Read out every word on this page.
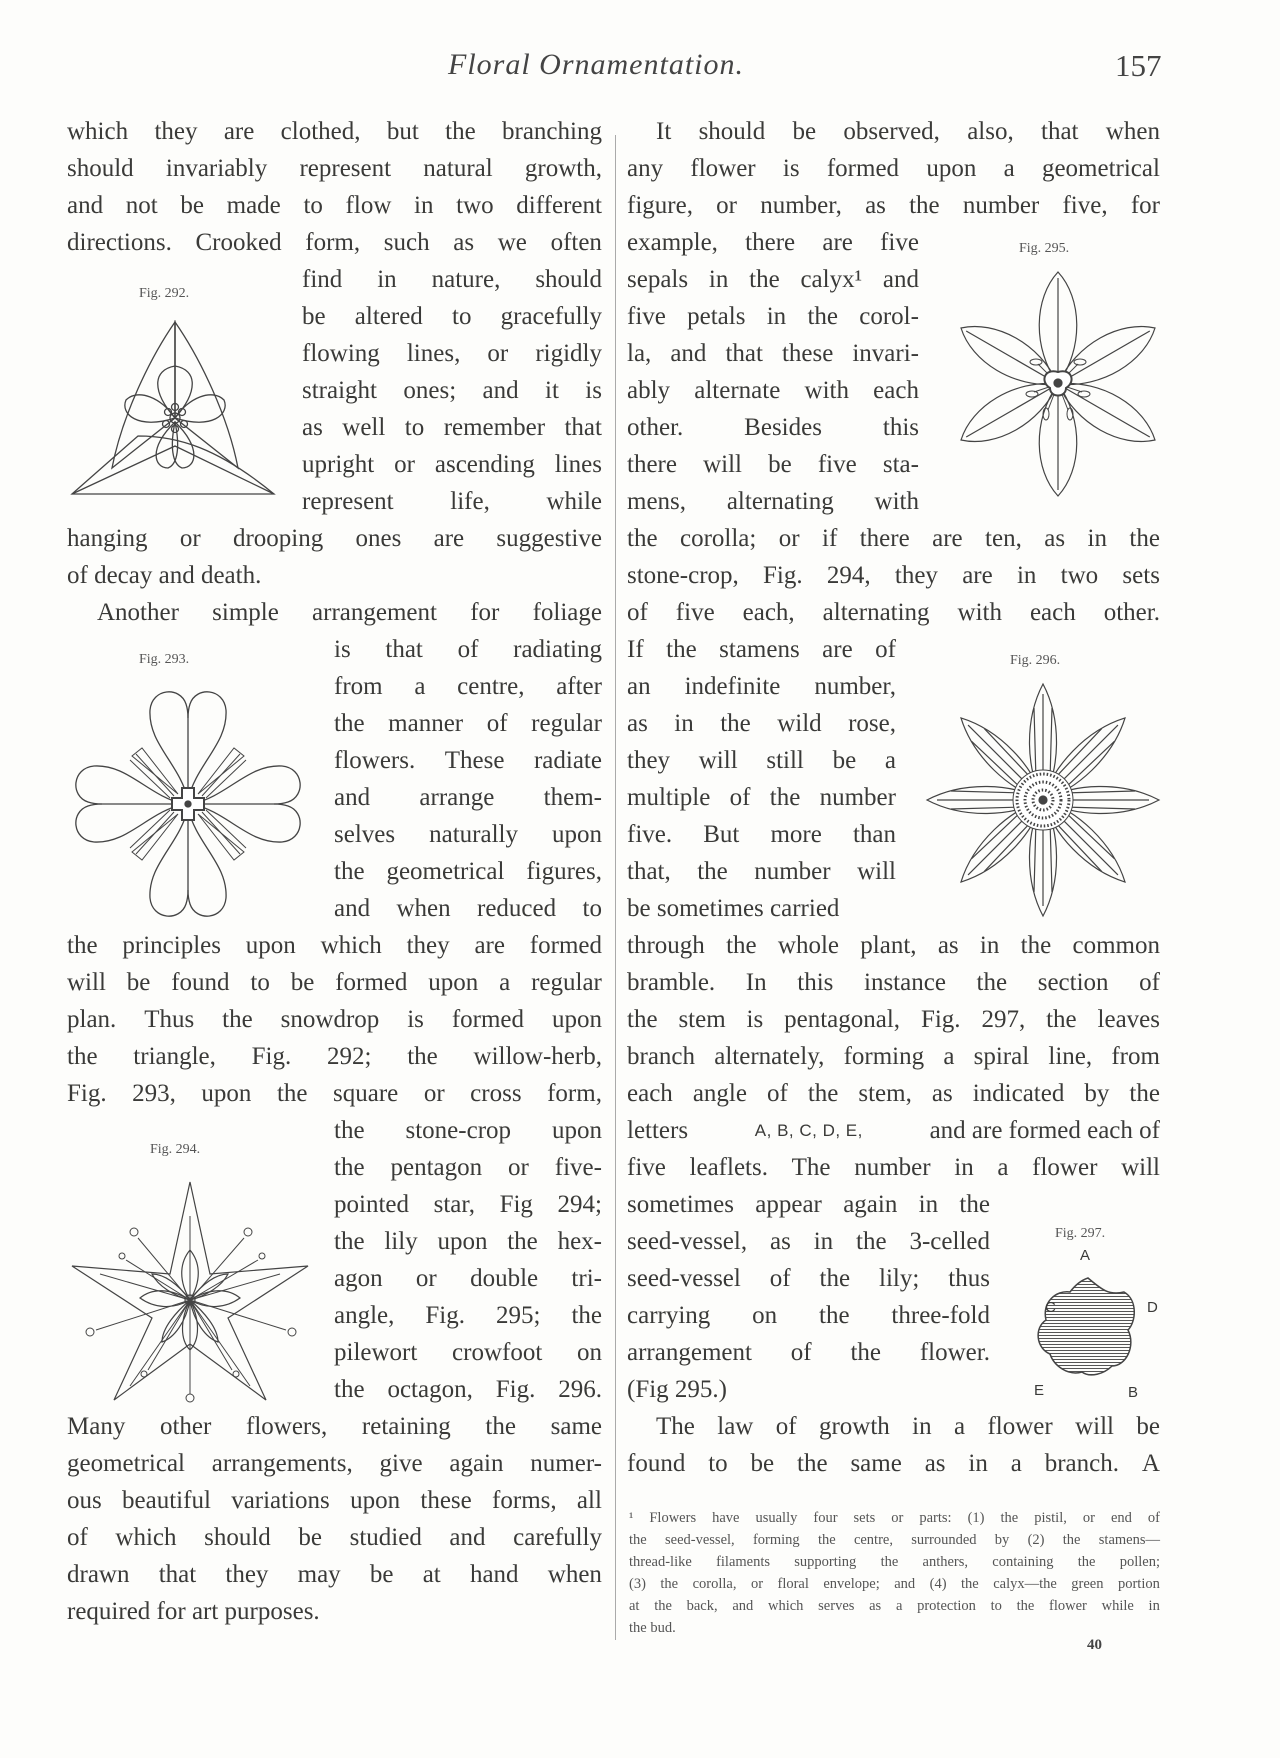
Floral Ornamentation.	157
which they are clothed, but the branching
should invariably represent natural growth,
and not be made to flow in two different
directions. Crooked form, such as we often
find in nature, should
be altered to gracefully
flowing lines, or rigidly
straight ones; and it is
as well to remember that
upright or ascending lines
represent life, while
hanging or drooping ones are suggestive
of decay and death.
Another simple arrangement for foliage
is that of radiating
from a centre, after
the manner of regular
flowers. These radiate
and arrange them-
selves naturally upon
the geometrical figures,
and when reduced to
the principles upon which they are formed
will be found to be formed upon a regular
plan. Thus the snowdrop is formed upon
the triangle, Fig. 292; the willow-herb,
Fig. 293, upon the square or cross form,
the stone-crop upon
the pentagon or five-
pointed star, Fig 294;
the lily upon the hex-
agon or double tri-
angle, Fig. 295; the
pilewort crowfoot on
the octagon, Fig. 296.
Many other flowers, retaining the same
geometrical arrangements, give again numer-
ous beautiful variations upon these forms, all
of which should be studied and carefully
drawn that they may be at hand when
required for art purposes.
Fig. 292.
Fig. 293.
Fig. 294.
It should be observed, also, that when
any flower is formed upon a geometrical
figure, or number, as the number five, for
example, there are five
sepals in the calyx¹ and
five petals in the corol-
la, and that these invari-
ably alternate with each
other. Besides this
there will be five sta-
mens, alternating with
the corolla; or if there are ten, as in the
stone-crop, Fig. 294, they are in two sets
of five each, alternating with each other.
If the stamens are of
an indefinite number,
as in the wild rose,
they will still be a
multiple of the number
five. But more than
that, the number will
be sometimes carried
through the whole plant, as in the common
bramble. In this instance the section of
the stem is pentagonal, Fig. 297, the leaves
branch alternately, forming a spiral line, from
each angle of the stem, as indicated by the
letters	A, B, C, D, E,	and are formed each of
five leaflets. The number in a flower will
sometimes appear again in the
seed-vessel, as in the 3-celled
seed-vessel of the lily; thus
carrying on the three-fold
arrangement of the flower.
(Fig 295.)
The law of growth in a flower will be
found to be the same as in a branch. A
Fig. 295.
Fig. 296.
Fig. 297.
A
D
C
E	B
¹ Flowers have usually four sets or parts: (1) the pistil, or end of
the seed-vessel, forming the centre, surrounded by (2) the stamens—
thread-like filaments supporting the anthers, containing the pollen;
(3) the corolla, or floral envelope; and (4) the calyx—the green portion
at the back, and which serves as a protection to the flower while in
the bud.
40
